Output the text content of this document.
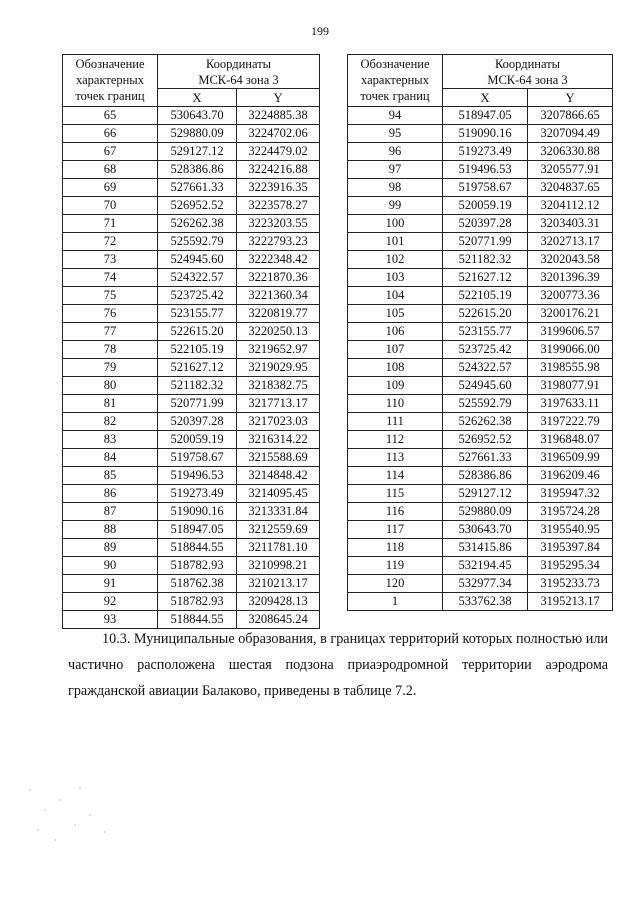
199
Обозначение
характерных
точек границ	Координаты
МСК-64 зона 3	
	X	Y
65	530643.70	3224885.38
66	529880.09	3224702.06
67	529127.12	3224479.02
68	528386.86	3224216.88
69	527661.33	3223916.35
70	526952.52	3223578.27
71	526262.38	3223203.55
72	525592.79	3222793.23
73	524945.60	3222348.42
74	524322.57	3221870.36
75	523725.42	3221360.34
76	523155.77	3220819.77
77	522615.20	3220250.13
78	522105.19	3219652.97
79	521627.12	3219029.95
80	521182.32	3218382.75
81	520771.99	3217713.17
82	520397.28	3217023.03
83	520059.19	3216314.22
84	519758.67	3215588.69
85	519496.53	3214848.42
86	519273.49	3214095.45
87	519090.16	3213331.84
88	518947.05	3212559.69
89	518844.55	3211781.10
90	518782.93	3210998.21
91	518762.38	3210213.17
92	518782.93	3209428.13
93	518844.55	3208645.24
Обозначение
характерных
точек границ	Координаты
МСК-64 зона 3	
	X	Y
94	518947.05	3207866.65
95	519090.16	3207094.49
96	519273.49	3206330.88
97	519496.53	3205577.91
98	519758.67	3204837.65
99	520059.19	3204112.12
100	520397.28	3203403.31
101	520771.99	3202713.17
102	521182.32	3202043.58
103	521627.12	3201396.39
104	522105.19	3200773.36
105	522615.20	3200176.21
106	523155.77	3199606.57
107	523725.42	3199066.00
108	524322.57	3198555.98
109	524945.60	3198077.91
110	525592.79	3197633.11
111	526262.38	3197222.79
112	526952.52	3196848.07
113	527661.33	3196509.99
114	528386.86	3196209.46
115	529127.12	3195947.32
116	529880.09	3195724.28
117	530643.70	3195540.95
118	531415.86	3195397.84
119	532194.45	3195295.34
120	532977.34	3195233.73
1	533762.38	3195213.17
10.3. Муниципальные образования, в границах территорий которых полностью или частично расположена шестая подзона приаэродромной территории аэродрома гражданской авиации Балаково, приведены в таблице 7.2.
